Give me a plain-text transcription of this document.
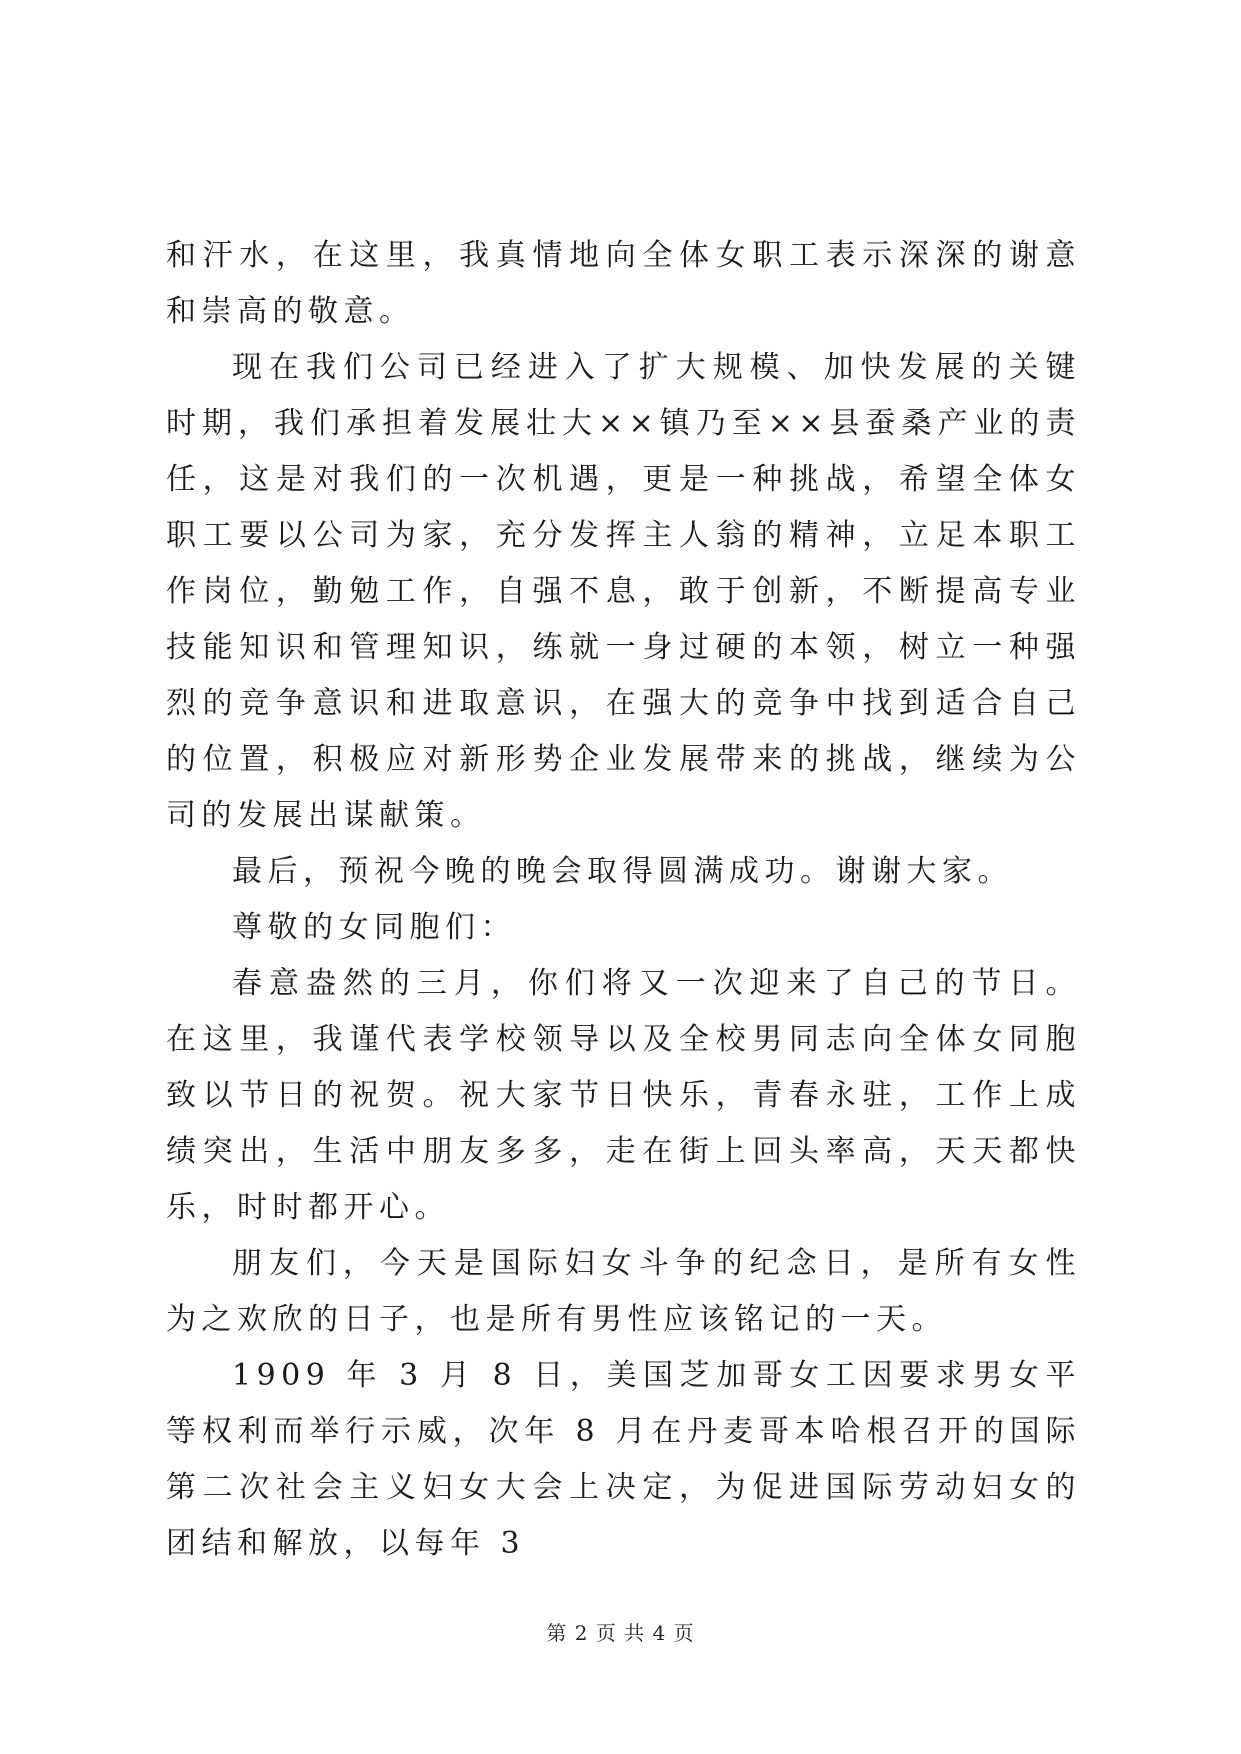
和汗水，在这里，我真情地向全体女职工表示深深的谢意和崇高的敬意。

现在我们公司已经进入了扩大规模、加快发展的关键时期，我们承担着发展壮大××镇乃至××县蚕桑产业的责任，这是对我们的一次机遇，更是一种挑战，希望全体女职工要以公司为家，充分发挥主人翁的精神，立足本职工作岗位，勤勉工作，自强不息，敢于创新，不断提高专业技能知识和管理知识，练就一身过硬的本领，树立一种强烈的竞争意识和进取意识，在强大的竞争中找到适合自己的位置，积极应对新形势企业发展带来的挑战，继续为公司的发展出谋献策。

最后，预祝今晚的晚会取得圆满成功。谢谢大家。

尊敬的女同胞们：

春意盎然的三月，你们将又一次迎来了自己的节日。在这里，我谨代表学校领导以及全校男同志向全体女同胞致以节日的祝贺。祝大家节日快乐，青春永驻，工作上成绩突出，生活中朋友多多，走在街上回头率高，天天都快乐，时时都开心。

朋友们，今天是国际妇女斗争的纪念日，是所有女性为之欢欣的日子，也是所有男性应该铭记的一天。

1909 年 3 月 8 日，美国芝加哥女工因要求男女平等权利而举行示威，次年 8 月在丹麦哥本哈根召开的国际第二次社会主义妇女大会上决定，为促进国际劳动妇女的团结和解放，以每年 3

第 2 页 共 4 页
